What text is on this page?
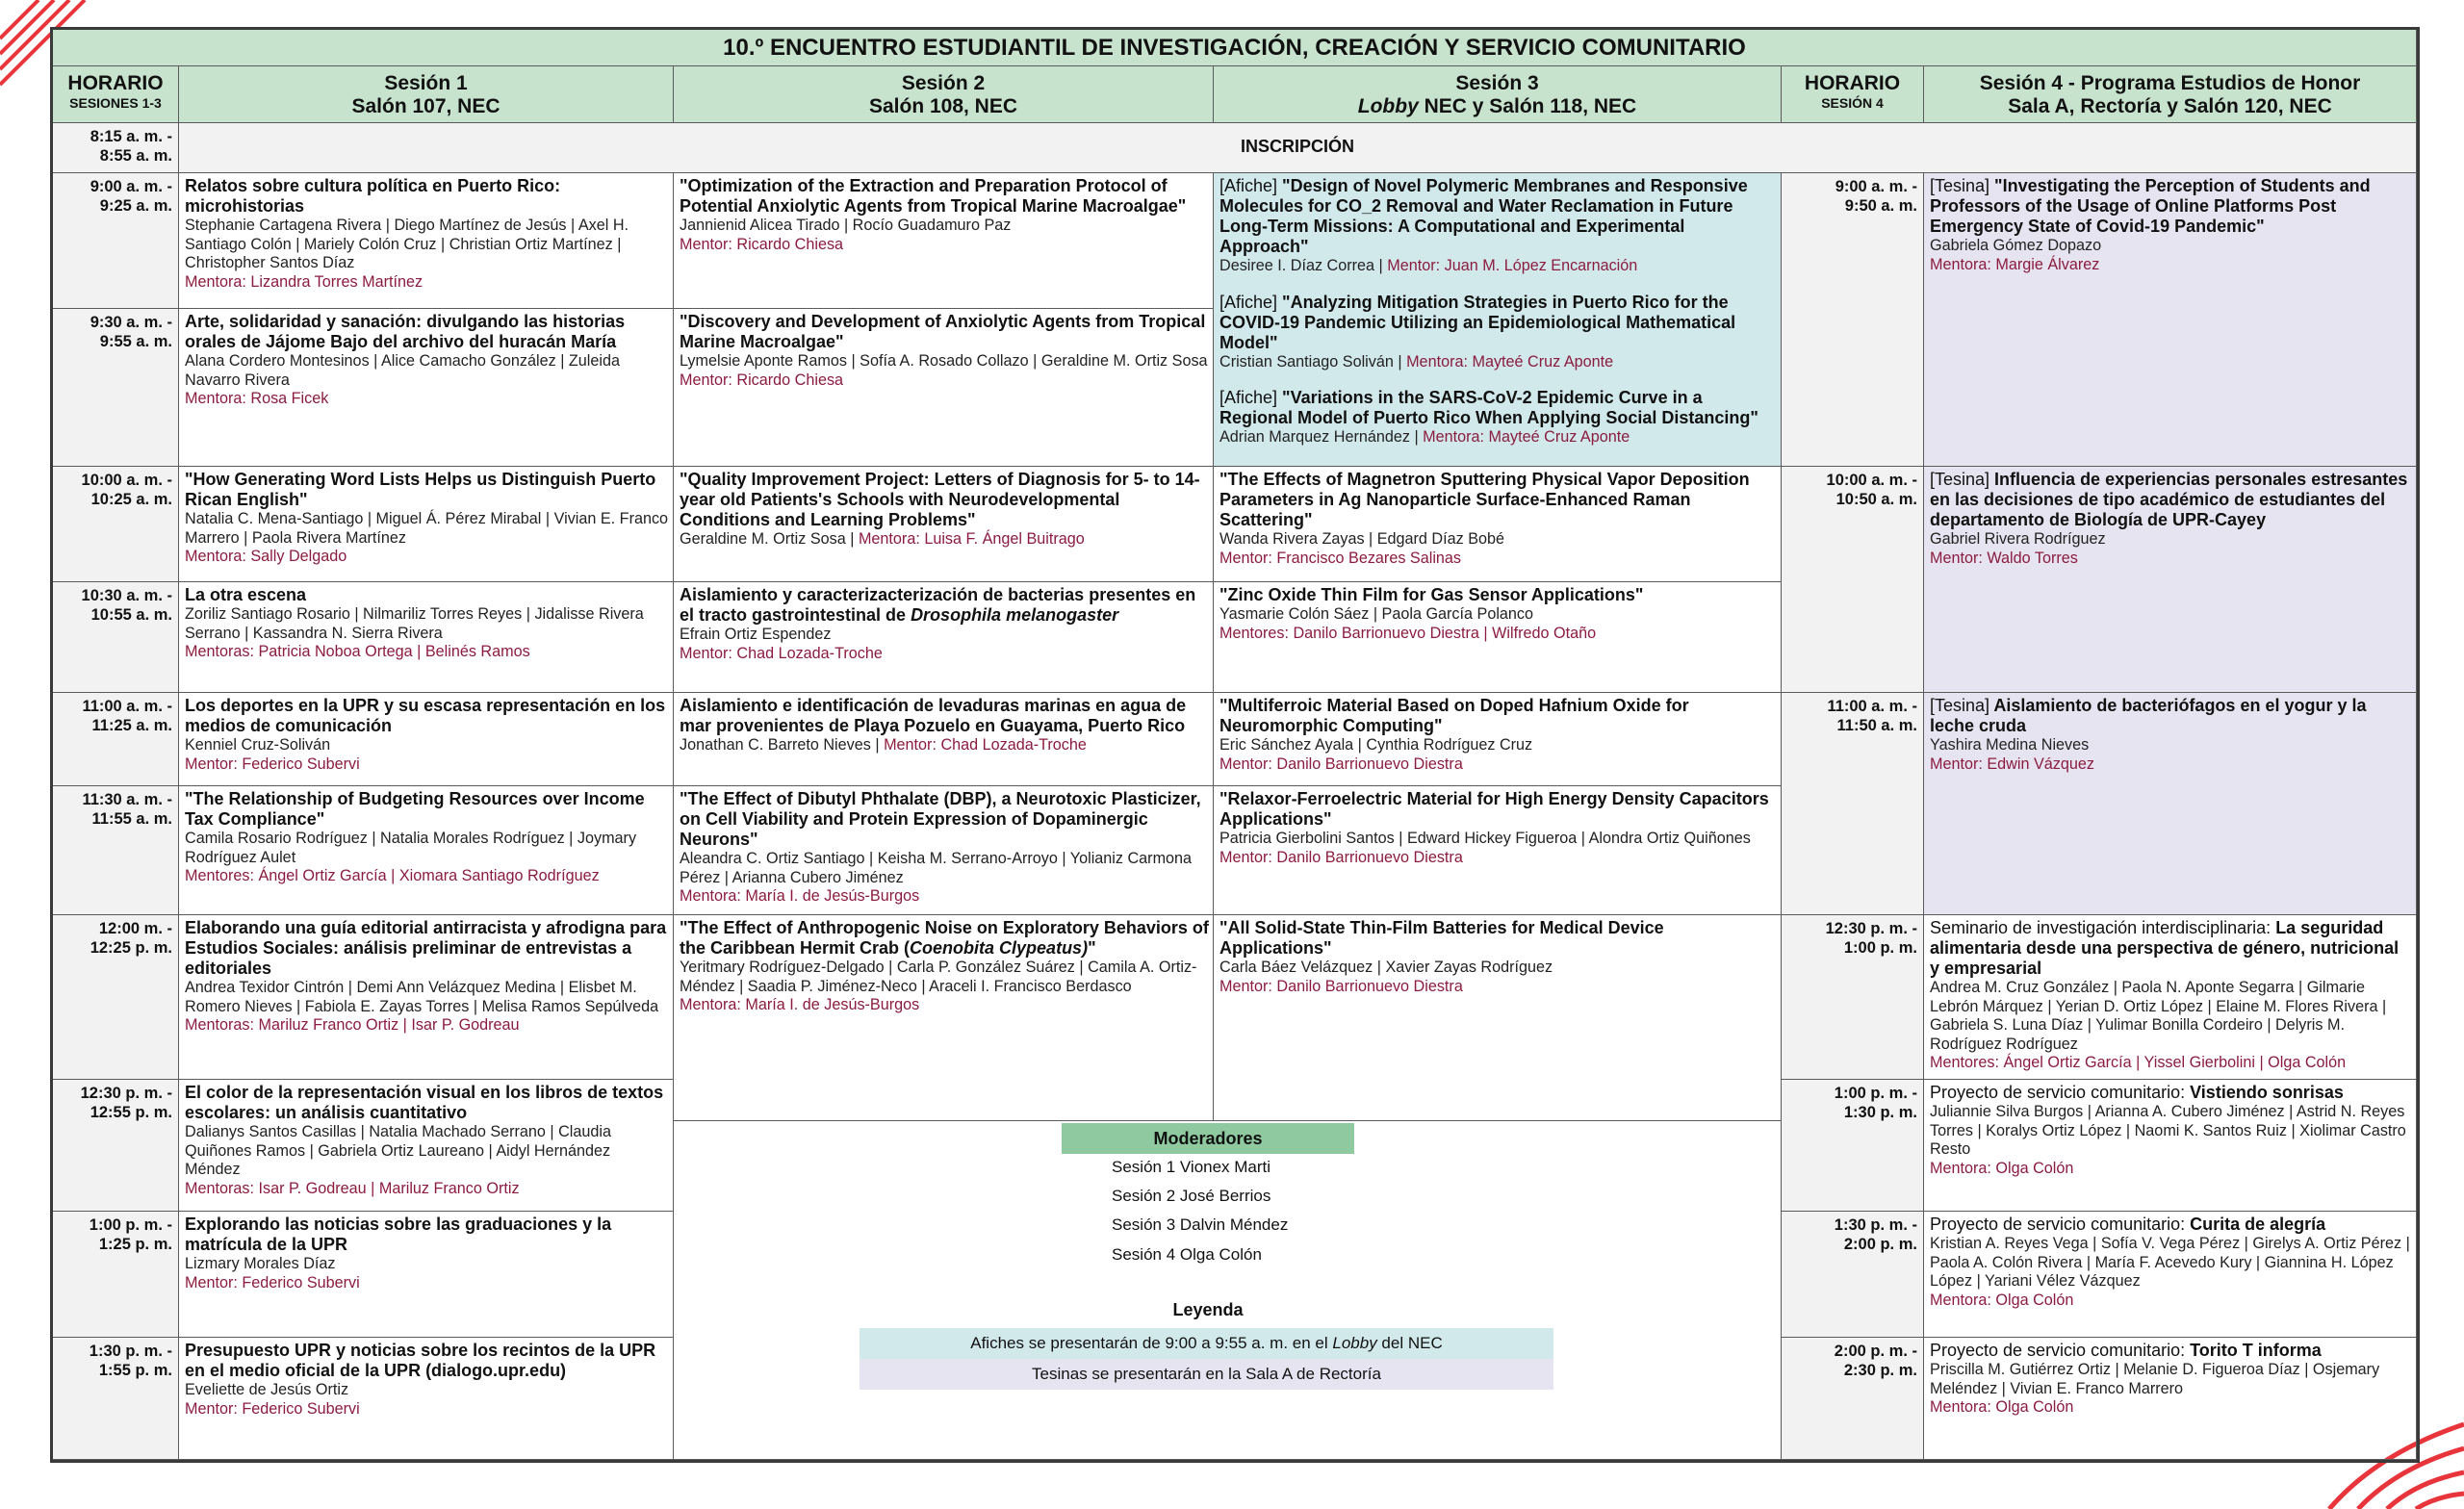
10.º ENCUENTRO ESTUDIANTIL DE INVESTIGACIÓN, CREACIÓN Y SERVICIO COMUNITARIO
HORARIO
SESIONES 1-3
Sesión 1
Salón 107, NEC
Sesión 2
Salón 108, NEC
Sesión 3
Lobby NEC y Salón 118, NEC
HORARIO
SESIÓN 4
Sesión 4 - Programa Estudios de Honor
Sala A, Rectoría y Salón 120, NEC
8:15 a. m. -
8:55 a. m.	INSCRIPCIÓN
9:00 a. m. -
9:25 a. m.
9:30 a. m. -
9:55 a. m.
10:00 a. m. -
10:25 a. m.
10:30 a. m. -
10:55 a. m.
11:00 a. m. -
11:25 a. m.
11:30 a. m. -
11:55 a. m.
12:00 m. -
12:25 p. m.
12:30 p. m. -
12:55 p. m.
1:00 p. m. -
1:25 p. m.
1:30 p. m. -
1:55 p. m.
Relatos sobre cultura política en Puerto Rico: microhistorias
Stephanie Cartagena Rivera | Diego Martínez de Jesús | Axel H. Santiago Colón | Mariely Colón Cruz | Christian Ortiz Martínez | Christopher Santos Díaz
Mentora: Lizandra Torres Martínez
Arte, solidaridad y sanación: divulgando las historias orales de Jájome Bajo del archivo del huracán María
Alana Cordero Montesinos | Alice Camacho González | Zuleida Navarro Rivera
Mentora: Rosa Ficek
"How Generating Word Lists Helps us Distinguish Puerto Rican English"
Natalia C. Mena-Santiago | Miguel Á. Pérez Mirabal | Vivian E. Franco Marrero | Paola Rivera Martínez
Mentora: Sally Delgado
La otra escena
Zoriliz Santiago Rosario | Nilmariliz Torres Reyes | Jidalisse Rivera Serrano | Kassandra N. Sierra Rivera
Mentoras: Patricia Noboa Ortega | Belinés Ramos
Los deportes en la UPR y su escasa representación en los medios de comunicación
Kenniel Cruz-Soliván
Mentor: Federico Subervi
"The Relationship of Budgeting Resources over Income Tax Compliance"
Camila Rosario Rodríguez | Natalia Morales Rodríguez | Joymary Rodríguez Aulet
Mentores: Ángel Ortiz García | Xiomara Santiago Rodríguez
Elaborando una guía editorial antirracista y afrodigna para Estudios Sociales: análisis preliminar de entrevistas a editoriales
Andrea Texidor Cintrón | Demi Ann Velázquez Medina | Elisbet M. Romero Nieves | Fabiola E. Zayas Torres | Melisa Ramos Sepúlveda
Mentoras: Mariluz Franco Ortiz | Isar P. Godreau
El color de la representación visual en los libros de textos escolares: un análisis cuantitativo
Dalianys Santos Casillas | Natalia Machado Serrano | Claudia Quiñones Ramos | Gabriela Ortiz Laureano | Aidyl Hernández Méndez
Mentoras: Isar P. Godreau | Mariluz Franco Ortiz
Explorando las noticias sobre las graduaciones y la matrícula de la UPR
Lizmary Morales Díaz
Mentor: Federico Subervi
Presupuesto UPR y noticias sobre los recintos de la UPR en el medio oficial de la UPR (dialogo.upr.edu)
Eveliette de Jesús Ortiz
Mentor: Federico Subervi
"Optimization of the Extraction and Preparation Protocol of Potential Anxiolytic Agents from Tropical Marine Macroalgae"
Jannienid Alicea Tirado | Rocío Guadamuro Paz
Mentor: Ricardo Chiesa
"Discovery and Development of Anxiolytic Agents from Tropical Marine Macroalgae"
Lymelsie Aponte Ramos | Sofía A. Rosado Collazo | Geraldine M. Ortiz Sosa
Mentor: Ricardo Chiesa
"Quality Improvement Project: Letters of Diagnosis for 5- to 14-year old Patients's Schools with Neurodevelopmental Conditions and Learning Problems"
Geraldine M. Ortiz Sosa | Mentora: Luisa F. Ángel Buitrago
Aislamiento y caracterizacterización de bacterias presentes en el tracto gastrointestinal de Drosophila melanogaster
Efrain Ortiz Espendez
Mentor: Chad Lozada-Troche
Aislamiento e identificación de levaduras marinas en agua de mar provenientes de Playa Pozuelo en Guayama, Puerto Rico
Jonathan C. Barreto Nieves | Mentor: Chad Lozada-Troche
"The Effect of Dibutyl Phthalate (DBP), a Neurotoxic Plasticizer, on Cell Viability and Protein Expression of Dopaminergic Neurons"
Aleandra C. Ortiz Santiago | Keisha M. Serrano-Arroyo | Yolianiz Carmona Pérez | Arianna Cubero Jiménez
Mentora: María I. de Jesús-Burgos
"The Effect of Anthropogenic Noise on Exploratory Behaviors of the Caribbean Hermit Crab (Coenobita Clypeatus)"
Yeritmary Rodríguez-Delgado | Carla P. González Suárez | Camila A. Ortiz-Méndez | Saadia P. Jiménez-Neco | Araceli I. Francisco Berdasco
Mentora: María I. de Jesús-Burgos
[Afiche] "Design of Novel Polymeric Membranes and Responsive Molecules for CO_2 Removal and Water Reclamation in Future Long-Term Missions: A Computational and Experimental Approach"
Desiree I. Díaz Correa | Mentor: Juan M. López Encarnación
[Afiche] "Analyzing Mitigation Strategies in Puerto Rico for the COVID-19 Pandemic Utilizing an Epidemiological Mathematical Model"
Cristian Santiago Soliván | Mentora: Mayteé Cruz Aponte
[Afiche] "Variations in the SARS-CoV-2 Epidemic Curve in a Regional Model of Puerto Rico When Applying Social Distancing"
Adrian Marquez Hernández | Mentora: Mayteé Cruz Aponte
"The Effects of Magnetron Sputtering Physical Vapor Deposition Parameters in Ag Nanoparticle Surface-Enhanced Raman Scattering"
Wanda Rivera Zayas | Edgard Díaz Bobé
Mentor: Francisco Bezares Salinas
"Zinc Oxide Thin Film for Gas Sensor Applications"
Yasmarie Colón Sáez | Paola García Polanco
Mentores: Danilo Barrionuevo Diestra | Wilfredo Otaño
"Multiferroic Material Based on Doped Hafnium Oxide for Neuromorphic Computing"
Eric Sánchez Ayala | Cynthia Rodríguez Cruz
Mentor: Danilo Barrionuevo Diestra
"Relaxor-Ferroelectric Material for High Energy Density Capacitors Applications"
Patricia Gierbolini Santos | Edward Hickey Figueroa | Alondra Ortiz Quiñones
Mentor: Danilo Barrionuevo Diestra
"All Solid-State Thin-Film Batteries for Medical Device Applications"
Carla Báez Velázquez | Xavier Zayas Rodríguez
Mentor: Danilo Barrionuevo Diestra
Moderadores
Sesión 1 Vionex Marti
Sesión 2 José Berrios
Sesión 3 Dalvin Méndez
Sesión 4 Olga Colón
Leyenda
Afiches se presentarán de 9:00 a 9:55 a. m. en el Lobby del NEC
Tesinas se presentarán en la Sala A de Rectoría
9:00 a. m. -
9:50 a. m.
10:00 a. m. -
10:50 a. m.
11:00 a. m. -
11:50 a. m.
12:30 p. m. -
1:00 p. m.
1:00 p. m. -
1:30 p. m.
1:30 p. m. -
2:00 p. m.
2:00 p. m. -
2:30 p. m.
[Tesina] "Investigating the Perception of Students and Professors of the Usage of Online Platforms Post Emergency State of Covid-19 Pandemic"
Gabriela Gómez Dopazo
Mentora: Margie Álvarez
[Tesina] Influencia de experiencias personales estresantes en las decisiones de tipo académico de estudiantes del departamento de Biología de UPR-Cayey
Gabriel Rivera Rodríguez
Mentor: Waldo Torres
[Tesina] Aislamiento de bacteriófagos en el yogur y la leche cruda
Yashira Medina Nieves
Mentor: Edwin Vázquez
Seminario de investigación interdisciplinaria: La seguridad alimentaria desde una perspectiva de género, nutricional y empresarial
Andrea M. Cruz González | Paola N. Aponte Segarra | Gilmarie Lebrón Márquez | Yerian D. Ortiz López | Elaine M. Flores Rivera | Gabriela S. Luna Díaz | Yulimar Bonilla Cordeiro | Delyris M. Rodríguez Rodríguez
Mentores: Ángel Ortiz García | Yissel Gierbolini | Olga Colón
Proyecto de servicio comunitario: Vistiendo sonrisas
Juliannie Silva Burgos | Arianna A. Cubero Jiménez | Astrid N. Reyes Torres | Koralys Ortiz López | Naomi K. Santos Ruiz | Xiolimar Castro Resto
Mentora: Olga Colón
Proyecto de servicio comunitario: Curita de alegría
Kristian A. Reyes Vega | Sofía V. Vega Pérez | Girelys A. Ortiz Pérez | Paola A. Colón Rivera | María F. Acevedo Kury | Giannina H. López López | Yariani Vélez Vázquez
Mentora: Olga Colón
Proyecto de servicio comunitario: Torito T informa
Priscilla M. Gutiérrez Ortiz | Melanie D. Figueroa Díaz | Osjemary Meléndez | Vivian E. Franco Marrero
Mentora: Olga Colón
